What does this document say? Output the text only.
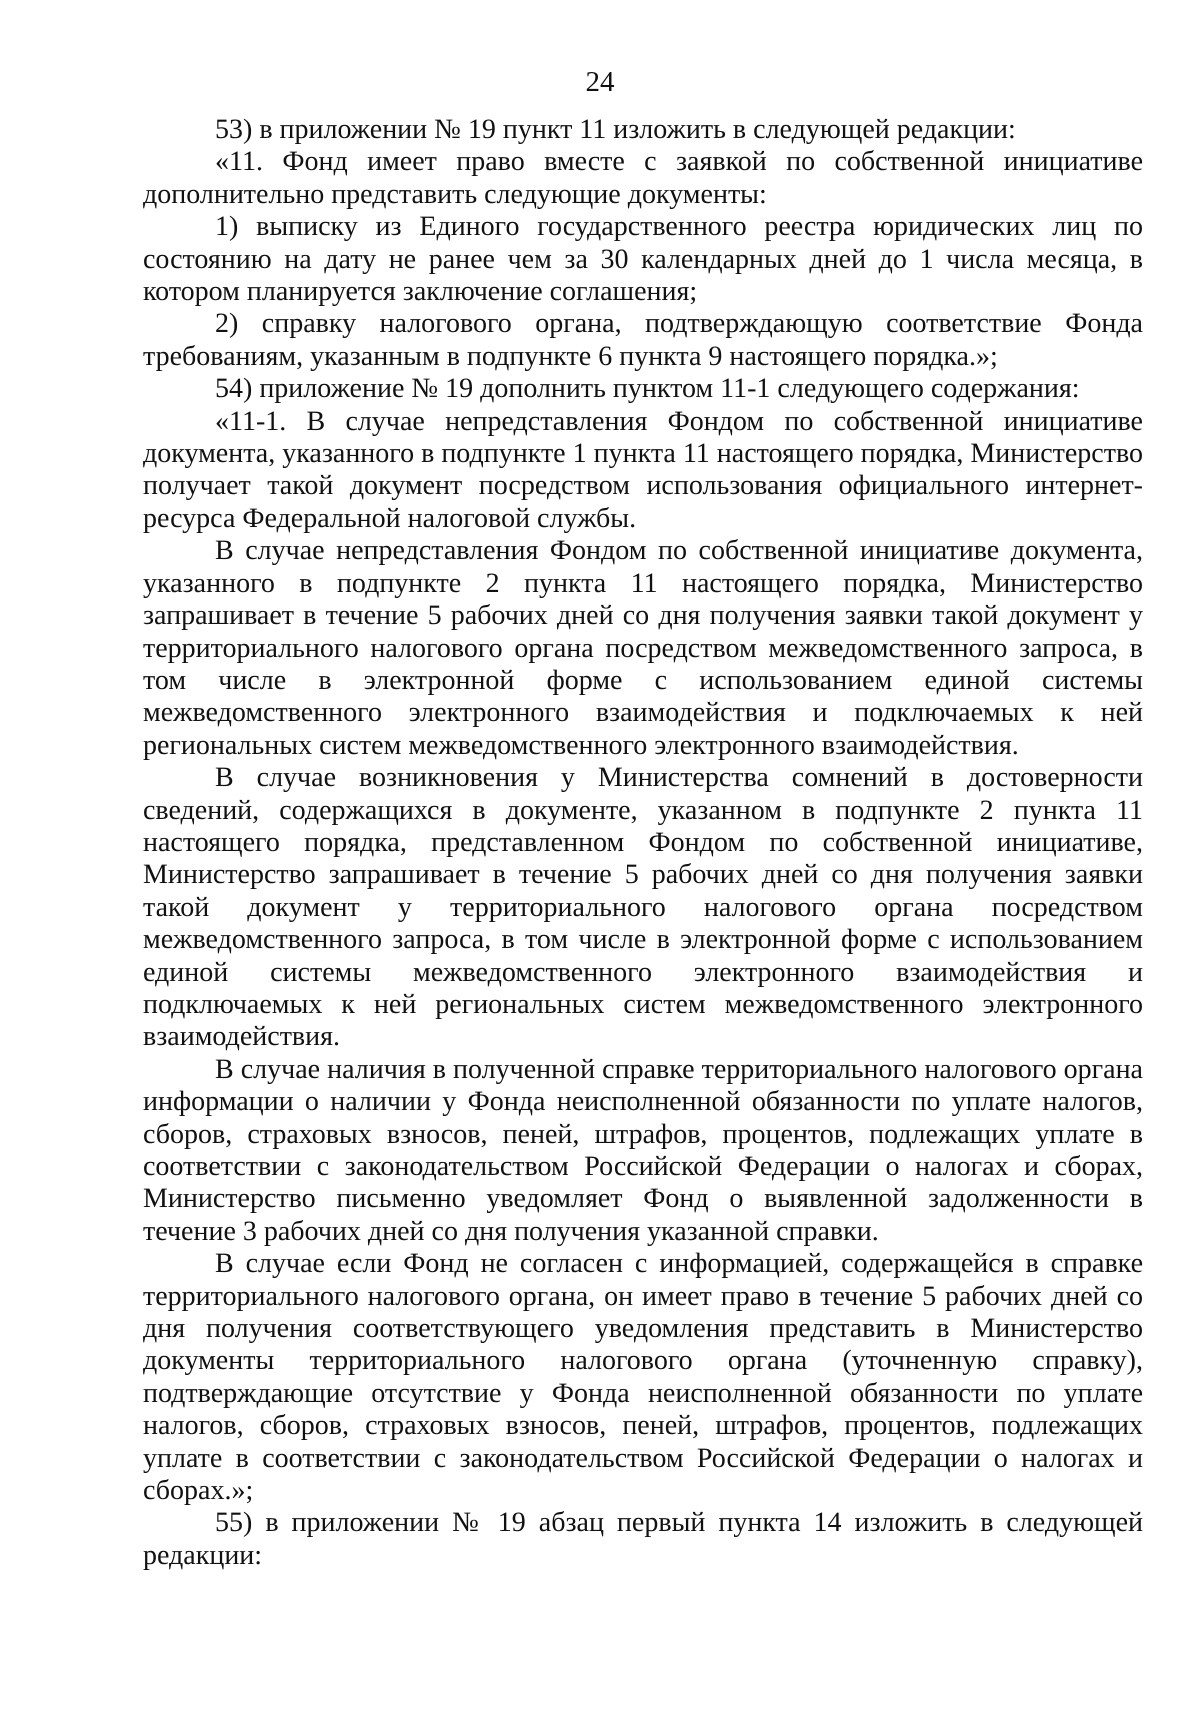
24

53) в приложении № 19 пункт 11 изложить в следующей редакции:

«11. Фонд имеет право вместе с заявкой по собственной инициативе дополнительно представить следующие документы:

1) выписку из Единого государственного реестра юридических лиц по состоянию на дату не ранее чем за 30 календарных дней до 1 числа месяца, в котором планируется заключение соглашения;

2) справку налогового органа, подтверждающую соответствие Фонда требованиям, указанным в подпункте 6 пункта 9 настоящего порядка.»;

54) приложение № 19 дополнить пунктом 11-1 следующего содержания:

«11-1. В случае непредставления Фондом по собственной инициативе документа, указанного в подпункте 1 пункта 11 настоящего порядка, Министерство получает такой документ посредством использования официального интернет-ресурса Федеральной налоговой службы.

В случае непредставления Фондом по собственной инициативе документа, указанного в подпункте 2 пункта 11 настоящего порядка, Министерство запрашивает в течение 5 рабочих дней со дня получения заявки такой документ у территориального налогового органа посредством межведомственного запроса, в том числе в электронной форме с использованием единой системы межведомственного электронного взаимодействия и подключаемых к ней региональных систем межведомственного электронного взаимодействия.

В случае возникновения у Министерства сомнений в достоверности сведений, содержащихся в документе, указанном в подпункте 2 пункта 11 настоящего порядка, представленном Фондом по собственной инициативе, Министерство запрашивает в течение 5 рабочих дней со дня получения заявки такой документ у территориального налогового органа посредством межведомственного запроса, в том числе в электронной форме с использованием единой системы межведомственного электронного взаимодействия и подключаемых к ней региональных систем межведомственного электронного взаимодействия.

В случае наличия в полученной справке территориального налогового органа информации о наличии у Фонда неисполненной обязанности по уплате налогов, сборов, страховых взносов, пеней, штрафов, процентов, подлежащих уплате в соответствии с законодательством Российской Федерации о налогах и сборах, Министерство письменно уведомляет Фонд о выявленной задолженности в течение 3 рабочих дней со дня получения указанной справки.

В случае если Фонд не согласен с информацией, содержащейся в справке территориального налогового органа, он имеет право в течение 5 рабочих дней со дня получения соответствующего уведомления представить в Министерство документы территориального налогового органа (уточненную справку), подтверждающие отсутствие у Фонда неисполненной обязанности по уплате налогов, сборов, страховых взносов, пеней, штрафов, процентов, подлежащих уплате в соответствии с законодательством Российской Федерации о налогах и сборах.»;

55) в приложении № 19 абзац первый пункта 14 изложить в следующей редакции:
